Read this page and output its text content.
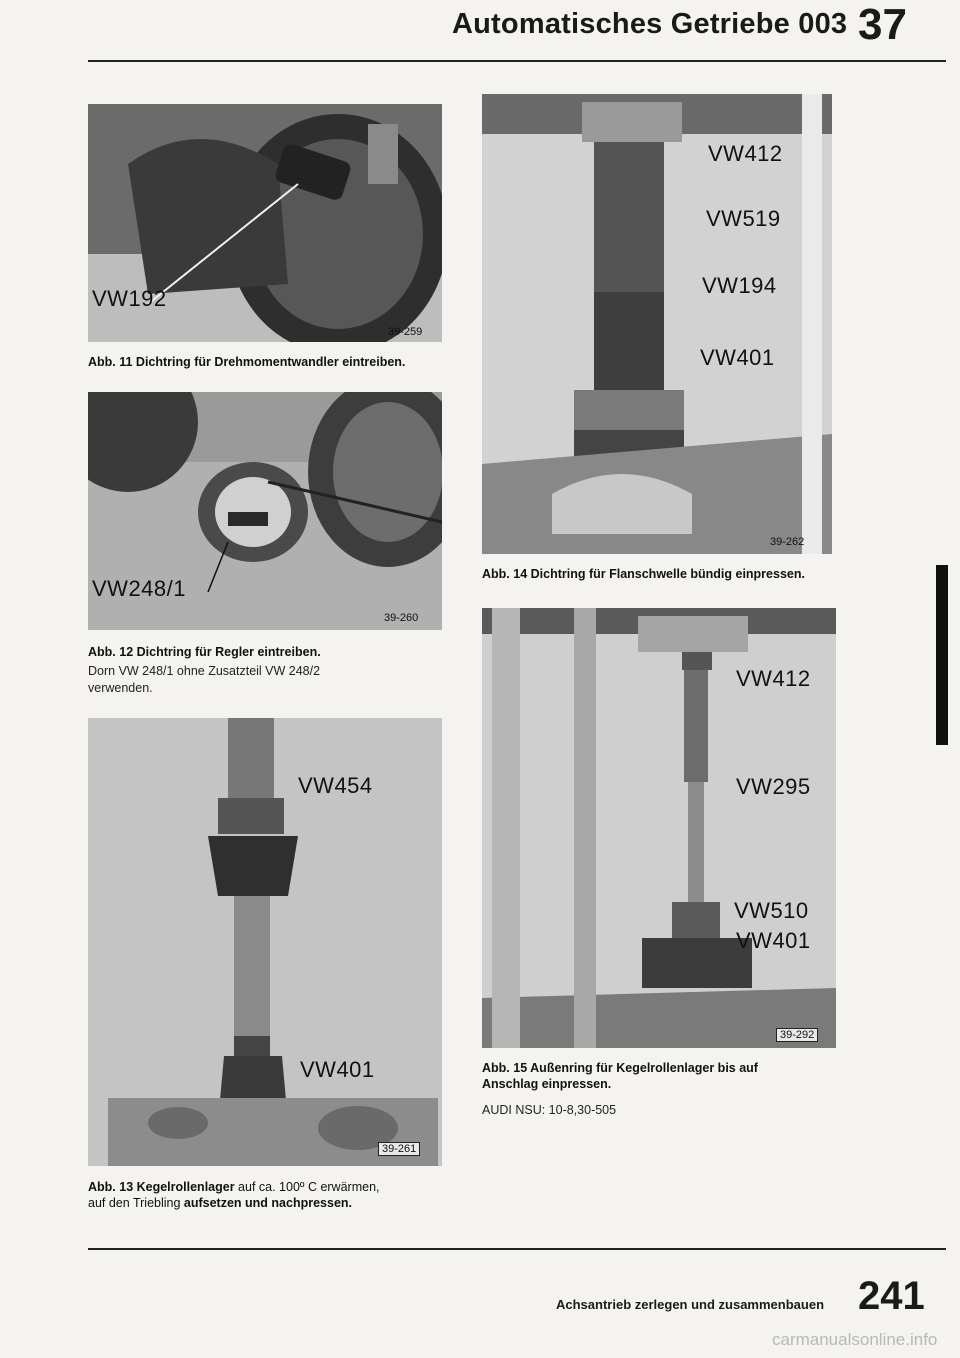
Automatisches Getriebe 003 37
VW192
39-259
Abb. 11 Dichtring für Drehmomentwandler eintreiben.
VW248/1
39-260
Abb. 12 Dichtring für Regler eintreiben.
Dorn VW 248/1 ohne Zusatzteil VW 248/2 verwenden.
VW454
VW401
39-261
Abb. 13 Kegelrollenlager auf ca. 100º C erwärmen,
auf den Triebling aufsetzen und nachpressen.
VW412
VW519
VW194
VW401
39-262
Abb. 14 Dichtring für Flanschwelle bündig einpressen.
VW412
VW295
VW510
VW401
39-292
Abb. 15 Außenring für Kegelrollenlager bis auf Anschlag einpressen.
AUDI NSU: 10-8,30-505
Achsantrieb zerlegen und zusammenbauen 241
carmanualsonline.info
